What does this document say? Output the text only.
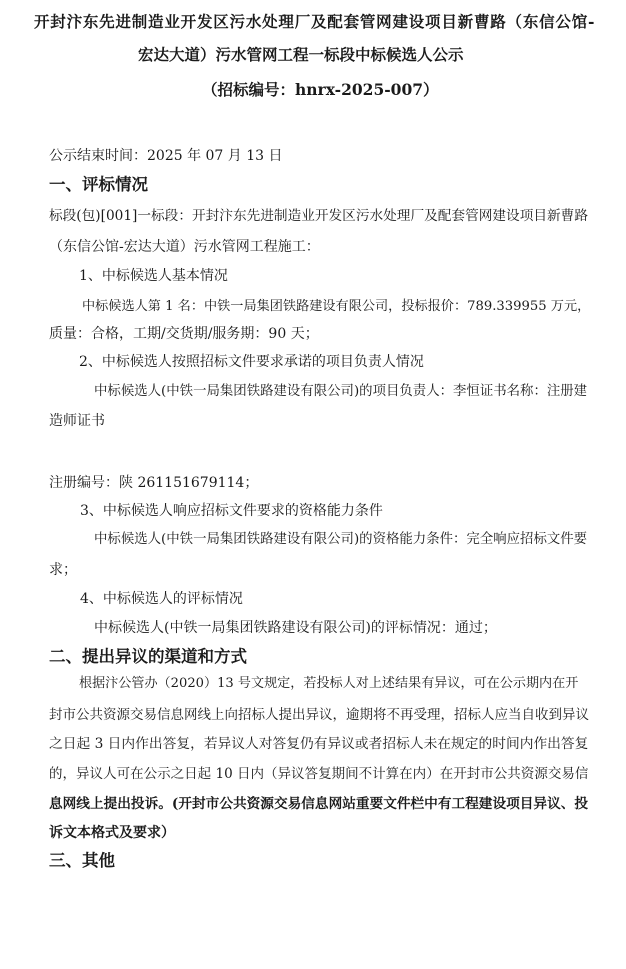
开封汴东先进制造业开发区污水处理厂及配套管网建设项目新曹路（东信公馆-
宏达大道）污水管网工程一标段中标候选人公示
（招标编号：hnrx-2025-007）
公示结束时间：2025 年 07 月 13 日
一、评标情况
标段(包)[001]一标段：开封汴东先进制造业开发区污水处理厂及配套管网建设项目新曹路
（东信公馆-宏达大道）污水管网工程施工：
1、中标候选人基本情况
中标候选人第 1 名：中铁一局集团铁路建设有限公司，投标报价：789.339955 万元，
质量：合格，工期/交货期/服务期：90 天；
2、中标候选人按照招标文件要求承诺的项目负责人情况
中标候选人(中铁一局集团铁路建设有限公司)的项目负责人：李恒证书名称：注册建
造师证书
注册编号：陕 261151679114；
3、中标候选人响应招标文件要求的资格能力条件
中标候选人(中铁一局集团铁路建设有限公司)的资格能力条件：完全响应招标文件要
求；
4、中标候选人的评标情况
中标候选人(中铁一局集团铁路建设有限公司)的评标情况：通过；
二、提出异议的渠道和方式
根据汴公管办（2020）13 号文规定，若投标人对上述结果有异议，可在公示期内在开
封市公共资源交易信息网线上向招标人提出异议，逾期将不再受理，招标人应当自收到异议
之日起 3 日内作出答复，若异议人对答复仍有异议或者招标人未在规定的时间内作出答复
的，异议人可在公示之日起 10 日内（异议答复期间不计算在内）在开封市公共资源交易信
息网线上提出投诉。(开封市公共资源交易信息网站重要文件栏中有工程建设项目异议、投
诉文本格式及要求）
三、其他
